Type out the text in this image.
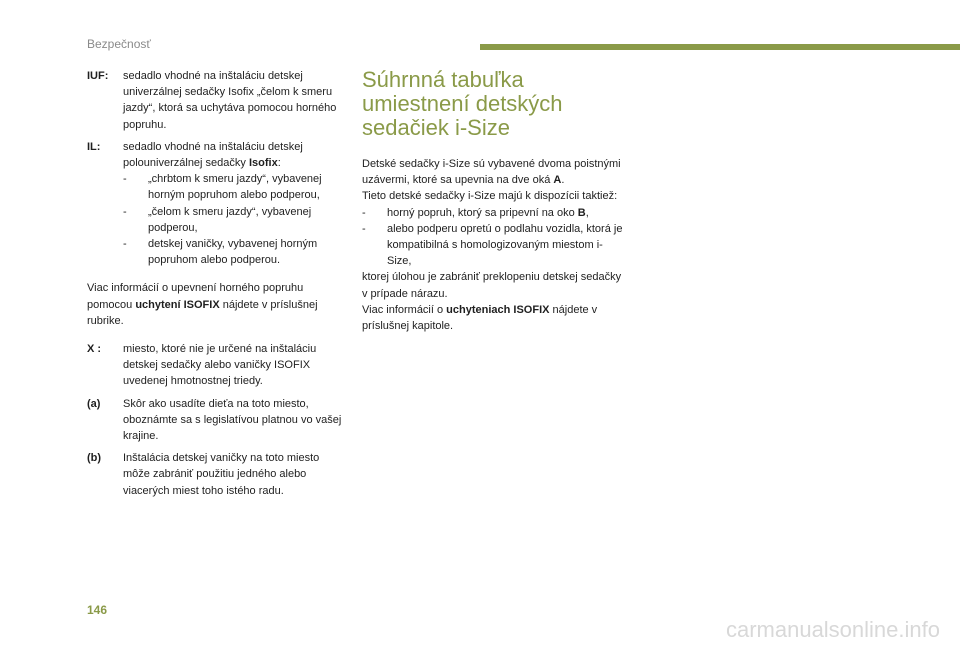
Bezpečnosť
IUF:	sedadlo vhodné na inštaláciu detskej univerzálnej sedačky Isofix „čelom k smeru jazdy“, ktorá sa uchytáva pomocou horného popruhu.
IL:	sedadlo vhodné na inštaláciu detskej polouniverzálnej sedačky Isofix:
-	„chrbtom k smeru jazdy“, vybavenej horným popruhom alebo podperou,
-	„čelom k smeru jazdy“, vybavenej podperou,
-	detskej vaničky, vybavenej horným popruhom alebo podperou.
Viac informácií o upevnení horného popruhu pomocou uchytení ISOFIX nájdete v príslušnej rubrike.
X :	miesto, ktoré nie je určené na inštaláciu detskej sedačky alebo vaničky ISOFIX uvedenej hmotnostnej triedy.
(a)	Skôr ako usadíte dieťa na toto miesto, oboznámte sa s legislatívou platnou vo vašej krajine.
(b)	Inštalácia detskej vaničky na toto miesto môže zabrániť použitiu jedného alebo viacerých miest toho istého radu.
Súhrnná tabuľka
umiestnení detských
sedačiek i-Size
Detské sedačky i-Size sú vybavené dvoma poistnými uzávermi, ktoré sa upevnia na dve oká A.
Tieto detské sedačky i-Size majú k dispozícii taktiež:
-	horný popruh, ktorý sa pripevní na oko B,
-	alebo podperu opretú o podlahu vozidla, ktorá je kompatibilná s homologizovaným miestom i-Size,
ktorej úlohou je zabrániť preklopeniu detskej sedačky v prípade nárazu.
Viac informácií o uchyteniach ISOFIX nájdete v príslušnej kapitole.
146
carmanualsonline.info
